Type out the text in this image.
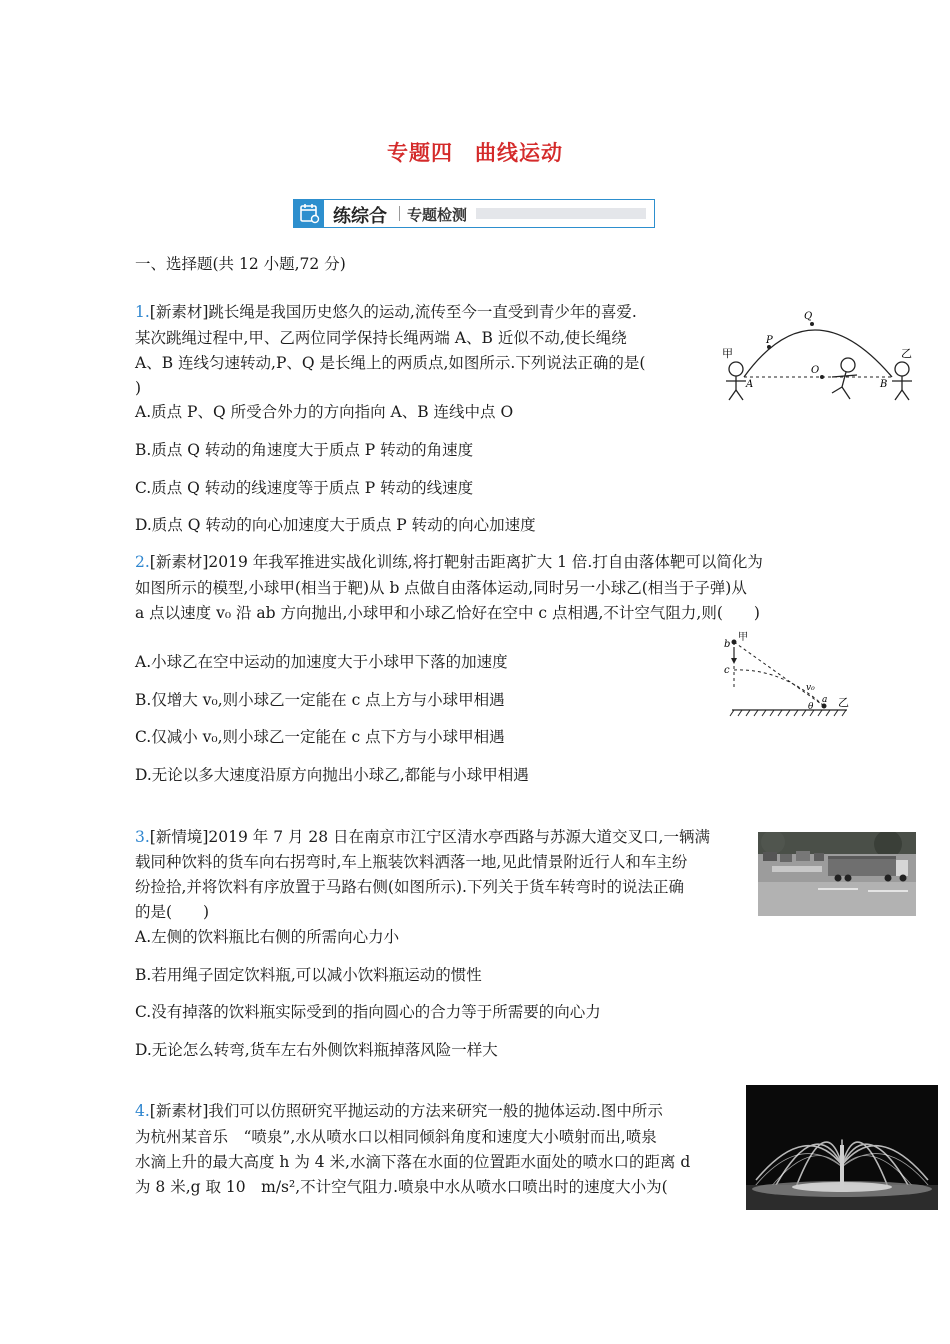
专题四　曲线运动
练综合 专题检测
一、选择题(共 12 小题,72 分)
1.[新素材]跳长绳是我国历史悠久的运动,流传至今一直受到青少年的喜爱.
某次跳绳过程中,甲、乙两位同学保持长绳两端 A、B 近似不动,使长绳绕
A、B 连线匀速转动,P、Q 是长绳上的两质点,如图所示.下列说法正确的是(
)
A.质点 P、Q 所受合外力的方向指向 A、B 连线中点 O
B.质点 Q 转动的角速度大于质点 P 转动的角速度
C.质点 Q 转动的线速度等于质点 P 转动的线速度
D.质点 Q 转动的向心加速度大于质点 P 转动的向心加速度
甲	乙
A	B
O
P
Q
2.[新素材]2019 年我军推进实战化训练,将打靶射击距离扩大 1 倍.打自由落体靶可以简化为
如图所示的模型,小球甲(相当于靶)从 b 点做自由落体运动,同时另一小球乙(相当于子弹)从
a 点以速度 v₀ 沿 ab 方向抛出,小球甲和小球乙恰好在空中 c 点相遇,不计空气阻力,则(　　)
A.小球乙在空中运动的加速度大于小球甲下落的加速度
B.仅增大 v₀,则小球乙一定能在 c 点上方与小球甲相遇
C.仅减小 v₀,则小球乙一定能在 c 点下方与小球甲相遇
D.无论以多大速度沿原方向抛出小球乙,都能与小球甲相遇
b
甲
c
v₀
θ
a 乙
3.[新情境]2019 年 7 月 28 日在南京市江宁区清水亭西路与苏源大道交叉口,一辆满
载同种饮料的货车向右拐弯时,车上瓶装饮料洒落一地,见此情景附近行人和车主纷
纷捡拾,并将饮料有序放置于马路右侧(如图所示).下列关于货车转弯时的说法正确
的是(　　)
A.左侧的饮料瓶比右侧的所需向心力小
B.若用绳子固定饮料瓶,可以减小饮料瓶运动的惯性
C.没有掉落的饮料瓶实际受到的指向圆心的合力等于所需要的向心力
D.无论怎么转弯,货车左右外侧饮料瓶掉落风险一样大
4.[新素材]我们可以仿照研究平抛运动的方法来研究一般的抛体运动.图中所示
为杭州某音乐　“喷泉”,水从喷水口以相同倾斜角度和速度大小喷射而出,喷泉
水滴上升的最大高度 h 为 4 米,水滴下落在水面的位置距水面处的喷水口的距离 d
为 8 米,g 取 10　m/s²,不计空气阻力.喷泉中水从喷水口喷出时的速度大小为(
